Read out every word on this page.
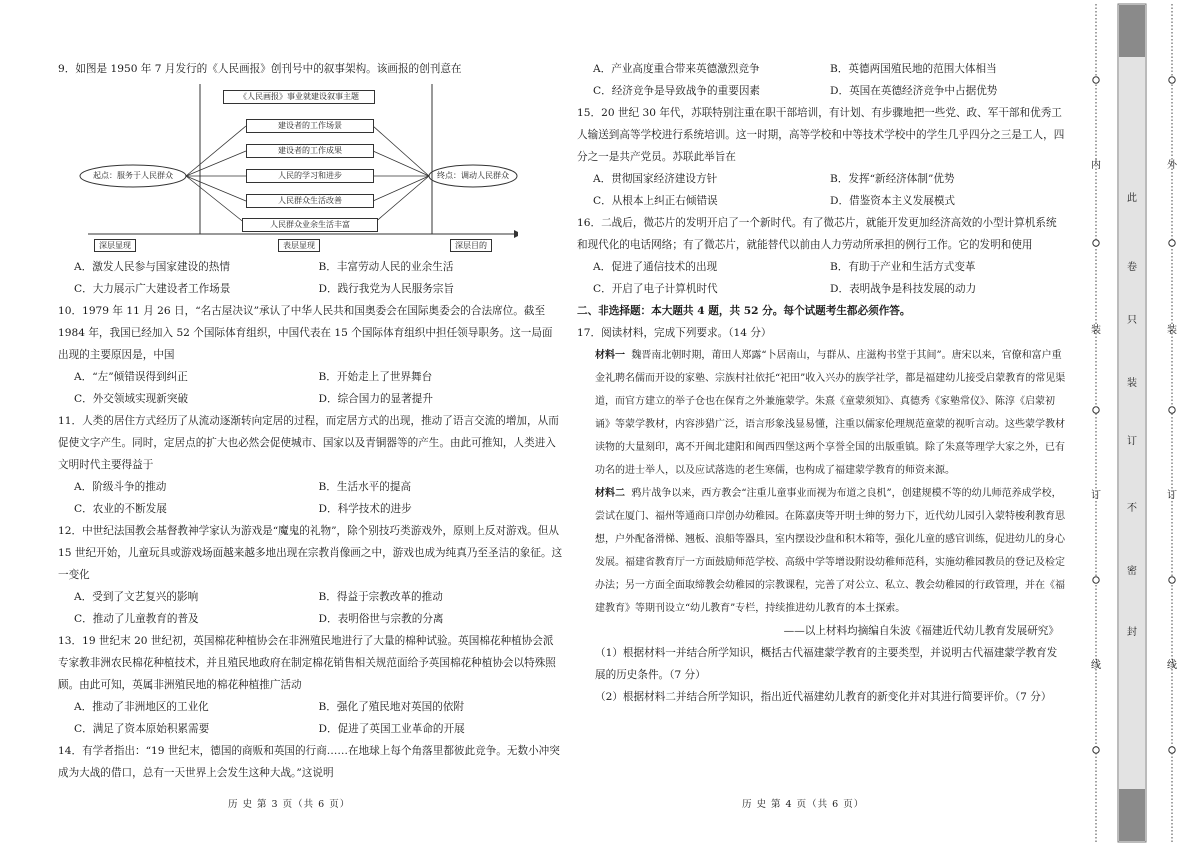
9．如图是 1950 年 7 月发行的《人民画报》创刊号中的叙事架构。该画报的创刊意在

《人民画报》事业就建设叙事主题
建设者的工作场景
建设者的工作成果
人民的学习和进步
人民群众生活改善
人民群众业余生活丰富
起点：服务于人民群众	终点：调动人民群众
深层显现	表层显现	深层目的
A．激发人民参与国家建设的热情	B．丰富劳动人民的业余生活
C．大力展示广大建设者工作场景	D．践行我党为人民服务宗旨

10．1979 年 11 月 26 日，“名古屋决议”承认了中华人民共和国奥委会在国际奥委会的合法席位。截至 1984 年，我国已经加入 52 个国际体育组织，中国代表在 15 个国际体育组织中担任领导职务。这一局面出现的主要原因是，中国

A．“左”倾错误得到纠正	B．开始走上了世界舞台
C．外交领域实现新突破	D．综合国力的显著提升

11．人类的居住方式经历了从流动逐渐转向定居的过程，而定居方式的出现，推动了语言交流的增加，从而促使文字产生。同时，定居点的扩大也必然会促使城市、国家以及青铜器等的产生。由此可推知，人类进入文明时代主要得益于

A．阶级斗争的推动	B．生活水平的提高
C．农业的不断发展	D．科学技术的进步

12．中世纪法国教会基督教神学家认为游戏是“魔鬼的礼物”，除个别技巧类游戏外，原则上反对游戏。但从 15 世纪开始，儿童玩具或游戏场面越来越多地出现在宗教肖像画之中，游戏也成为纯真乃至圣洁的象征。这一变化

A．受到了文艺复兴的影响	B．得益于宗教改革的推动
C．推动了儿童教育的普及	D．表明俗世与宗教的分离

13．19 世纪末 20 世纪初，英国棉花种植协会在非洲殖民地进行了大量的棉种试验。英国棉花种植协会派专家教非洲农民棉花种植技术，并且殖民地政府在制定棉花销售相关规范面给予英国棉花种植协会以特殊照顾。由此可知，英属非洲殖民地的棉花种植推广活动

A．推动了非洲地区的工业化	B．强化了殖民地对英国的依附
C．满足了资本原始积累需要	D．促进了英国工业革命的开展

14．有学者指出：“19 世纪末，德国的商贩和英国的行商……在地球上每个角落里都彼此竞争。无数小冲突成为大战的借口，总有一天世界上会发生这种大战。”这说明

历 史 第 3 页（共 6 页）
A．产业高度重合带来英德激烈竞争	B．英德两国殖民地的范围大体相当
C．经济竞争是导致战争的重要因素	D．英国在英德经济竞争中占据优势

15．20 世纪 30 年代，苏联特别注重在职干部培训，有计划、有步骤地把一些党、政、军干部和优秀工人输送到高等学校进行系统培训。这一时期，高等学校和中等技术学校中的学生几乎四分之三是工人，四分之一是共产党员。苏联此举旨在

A．贯彻国家经济建设方针	B．发挥“新经济体制”优势
C．从根本上纠正右倾错误	D．借鉴资本主义发展模式

16．二战后，微芯片的发明开启了一个新时代。有了微芯片，就能开发更加经济高效的小型计算机系统和现代化的电话网络；有了微芯片，就能替代以前由人力劳动所承担的例行工作。它的发明和使用

A．促进了通信技术的出现	B．有助于产业和生活方式变革
C．开启了电子计算机时代	D．表明战争是科技发展的动力

二、非选择题：本大题共 4 题，共 52 分。每个试题考生都必须作答。

17．阅读材料，完成下列要求。（14 分）

材料一 魏晋南北朝时期，莆田人郑露“卜居南山，与群从、庄滋构书堂于其间”。唐宋以来，官僚和富户重金礼聘名儒而开设的家塾、宗族村社依托“祀田”收入兴办的族学社学，都是福建幼儿接受启蒙教育的常见渠道，而官方建立的举子仓也在保育之外兼施蒙学。朱熹《童蒙须知》、真德秀《家塾常仪》、陈淳《启蒙初诵》等蒙学教材，内容涉猎广泛，语言形象浅显易懂，注重以儒家伦理规范童蒙的视听言动。这些蒙学教材读物的大量刻印，离不开闽北建阳和闽西四堡这两个享誉全国的出版重镇。除了朱熹等理学大家之外，已有功名的进士举人，以及应试落选的老生寒儒，也构成了福建蒙学教育的师资来源。

材料二 鸦片战争以来，西方教会“注重儿童事业而视为布道之良机”，创建规模不等的幼儿师范养成学校，尝试在厦门、福州等通商口岸创办幼稚园。在陈嘉庚等开明士绅的努力下，近代幼儿园引入蒙特梭利教育思想，户外配备滑梯、翘板、浪船等器具，室内摆设沙盘和积木箱等，强化儿童的感官训练，促进幼儿的身心发展。福建省教育厅一方面鼓励师范学校、高级中学等增设附设幼稚师范科，实施幼稚园教员的登记及检定办法；另一方面全面取缔教会幼稚园的宗教课程，完善了对公立、私立、教会幼稚园的行政管理，并在《福建教育》等期刊设立“幼儿教育”专栏，持续推进幼儿教育的本土探索。

——以上材料均摘编自朱波《福建近代幼儿教育发展研究》

（1）根据材料一并结合所学知识，概括古代福建蒙学教育的主要类型，并说明古代福建蒙学教育发展的历史条件。（7 分）

（2）根据材料二并结合所学知识，指出近代福建幼儿教育的新变化并对其进行简要评价。（7 分）

历 史 第 4 页（共 6 页）
内
装
订
线
此
卷
只
装
订
不
密
封
外
装
订
线
